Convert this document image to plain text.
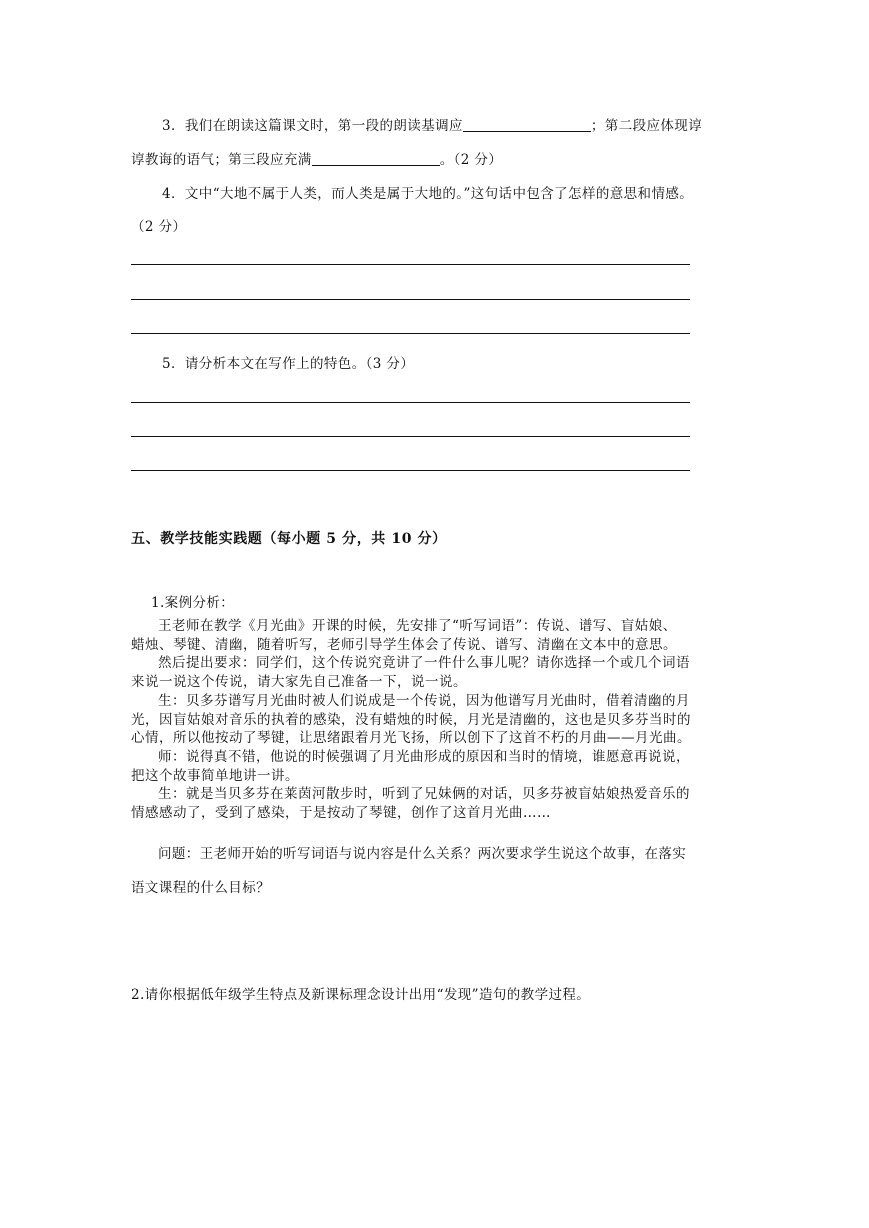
3．我们在朗读这篇课文时，第一段的朗读基调应	；第二段应体现谆
谆教诲的语气；第三段应充满	。（2 分）
4．文中“大地不属于人类，而人类是属于大地的。”这句话中包含了怎样的意思和情感。
（2 分）
5．请分析本文在写作上的特色。（3 分）
五、教学技能实践题（每小题 5 分，共 10 分）
1.案例分析：

王老师在教学《月光曲》开课的时候，先安排了“听写词语”：传说、谱写、盲姑娘、

蜡烛、琴键、清幽，随着听写，老师引导学生体会了传说、谱写、清幽在文本中的意思。

然后提出要求：同学们，这个传说究竟讲了一件什么事儿呢？请你选择一个或几个词语

来说一说这个传说，请大家先自己准备一下，说一说。

生：贝多芬谱写月光曲时被人们说成是一个传说，因为他谱写月光曲时，借着清幽的月

光，因盲姑娘对音乐的执着的感染，没有蜡烛的时候，月光是清幽的，这也是贝多芬当时的

心情，所以他按动了琴键，让思绪跟着月光飞扬，所以创下了这首不朽的月曲——月光曲。

师：说得真不错，他说的时候强调了月光曲形成的原因和当时的情境，谁愿意再说说，

把这个故事简单地讲一讲。

生：就是当贝多芬在莱茵河散步时，听到了兄妹俩的对话，贝多芬被盲姑娘热爱音乐的

情感感动了，受到了感染，于是按动了琴键，创作了这首月光曲……

问题：王老师开始的听写词语与说内容是什么关系？两次要求学生说这个故事，在落实
语文课程的什么目标？
2.请你根据低年级学生特点及新课标理念设计出用“发现”造句的教学过程。
